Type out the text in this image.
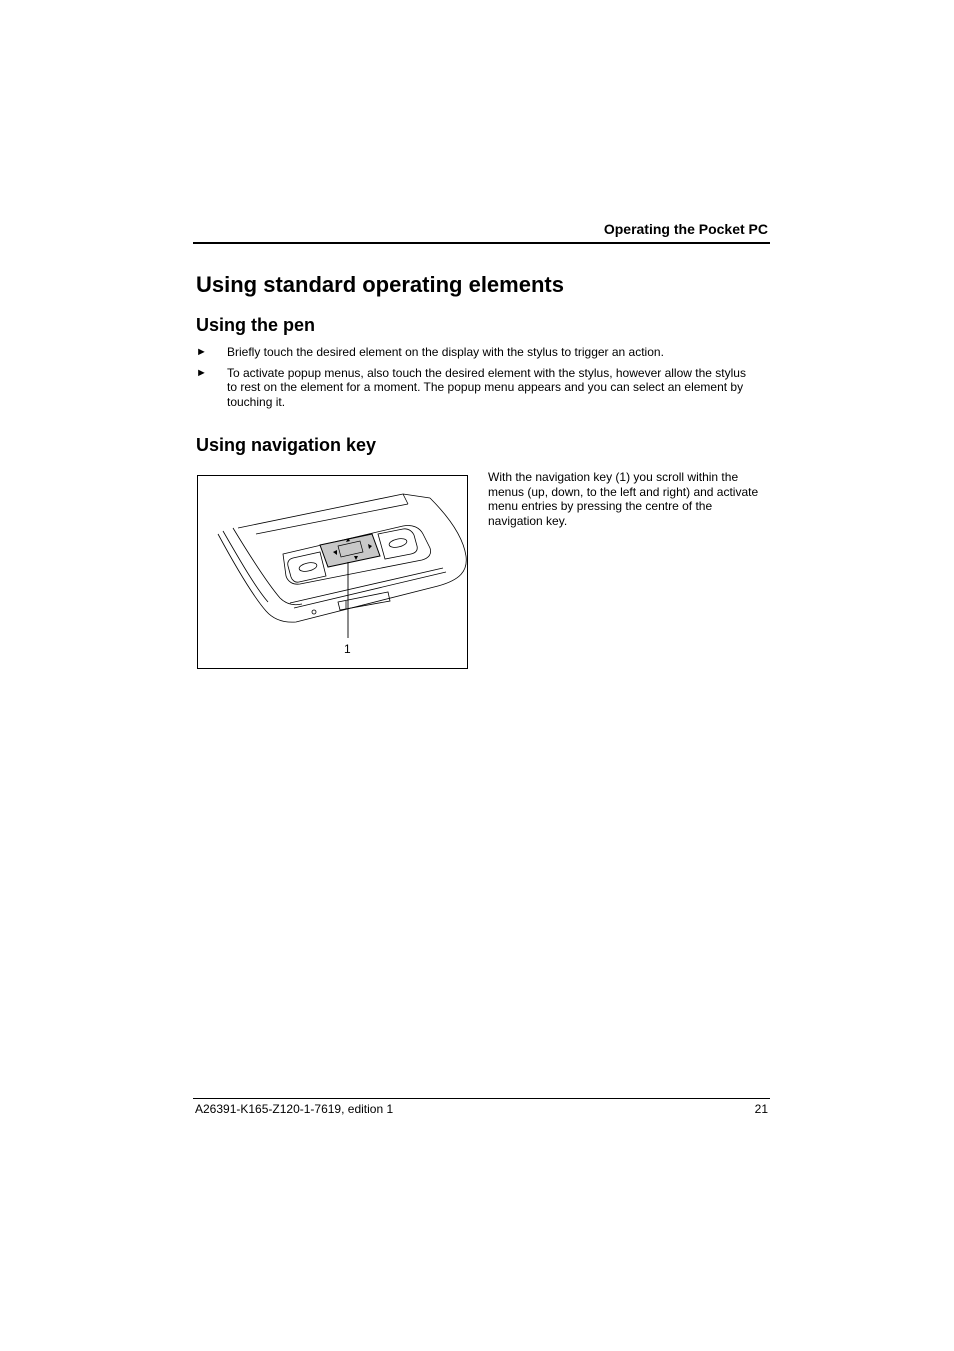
Operating the Pocket PC
Using standard operating elements
Using the pen
► Briefly touch the desired element on the display with the stylus to trigger an action.
► To activate popup menus, also touch the desired element with the stylus, however allow the stylus to rest on the element for a moment. The popup menu appears and you can select an element by touching it.
Using navigation key
1
With the navigation key (1) you scroll within the menus (up, down, to the left and right) and activate menu entries by pressing the centre of the navigation key.
A26391-K165-Z120-1-7619, edition 1	21
